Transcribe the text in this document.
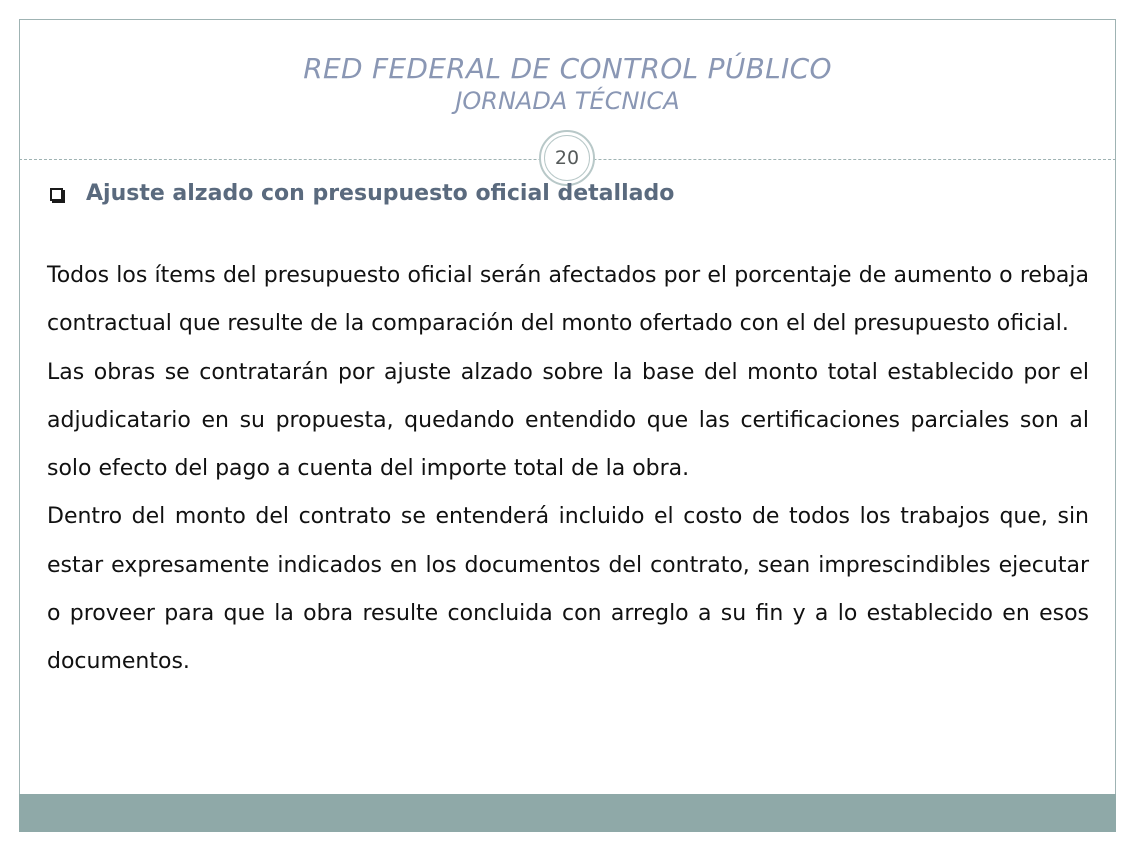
RED FEDERAL DE CONTROL PÚBLICO
JORNADA TÉCNICA
20
Ajuste alzado con presupuesto oficial detallado

Todos los ítems del presupuesto oficial serán afectados por el porcentaje de aumento o rebaja contractual que resulte de la comparación del monto ofertado con el del presupuesto oficial.

Las obras se contratarán por ajuste alzado sobre la base del monto total establecido por el adjudicatario en su propuesta, quedando entendido que las certificaciones parciales son al solo efecto del pago a cuenta del importe total de la obra.

Dentro del monto del contrato se entenderá incluido el costo de todos los trabajos que, sin estar expresamente indicados en los documentos del contrato, sean imprescindibles ejecutar o proveer para que la obra resulte concluida con arreglo a su fin y a lo establecido en esos documentos.
